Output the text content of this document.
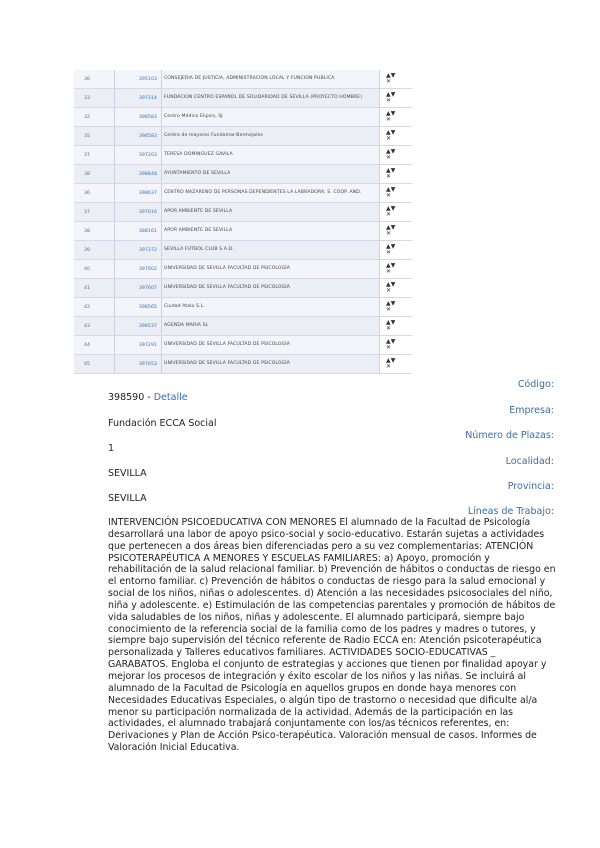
36	395103	CONSEJERIA DE JUSTICIA, ADMINISTRACION LOCAL Y FUNCION PUBLICA	▲▼
✕

33	397314	FUNDACION CENTRO ESPAÑOL DE SOLIDARIDAD DE SEVILLA (PROYECTO HOMBRE)	▲▼
✕

32	398583	Centro Médico Elipsis, SJ	▲▼
✕

35	398583	Centro de mayores Fundomar-Bermejales	▲▼
✕

37	397203	TERESA DOMINGUEZ GAVILA	▲▼
✕

38	398848	AYUNTAMIENTO DE SEVILLA	▲▼
✕

36	398637	CENTRO NAZARENO DE PERSONAS DEPENDIENTES LA LABRADORA, S. COOP. AND.	▲▼
✕

37	397016	APOR AMBIENTE DE SEVILLA	▲▼
✕

38	388161	APOR AMBIENTE DE SEVILLA	▲▼
✕

39	397372	SEVILLA FUTBOL CLUB S.A.D.	▲▼
✕

40	397602	UNIVERSIDAD DE SEVILLA FACULTAD DE PSICOLOGÍA	▲▼
✕

41	397607	UNIVERSIDAD DE SEVILLA FACULTAD DE PSICOLOGÍA	▲▼
✕

42	398565	Ciudad Atalo S.L.	▲▼
✕

43	398537	AGENDA MARIA SL	▲▼
✕

44	397291	UNIVERSIDAD DE SEVILLA FACULTAD DE PSICOLOGÍA	▲▼
✕

45	397653	UNIVERSIDAD DE SEVILLA FACULTAD DE PSICOLOGÍA	▲▼
✕
Código:
398590 - Detalle
Empresa:
Fundación ECCA Social
Número de Plazas:
1
Localidad:
SEVILLA
Provincia:
SEVILLA
Líneas de Trabajo:
INTERVENCIÓN PSICOEDUCATIVA CON MENORES El alumnado de la Facultad de Psicología desarrollará una labor de apoyo psico-social y socio-educativo. Estarán sujetas a actividades que pertenecen a dos áreas bien diferenciadas pero a su vez complementarias: ATENCIÓN PSICOTERAPÉUTICA A MENORES Y ESCUELAS FAMILIARES: a) Apoyo, promoción y rehabilitación de la salud relacional familiar. b) Prevención de hábitos o conductas de riesgo en el entorno familiar. c) Prevención de hábitos o conductas de riesgo para la salud emocional y social de los niños, niñas o adolescentes. d) Atención a las necesidades psicosociales del niño, niña y adolescente. e) Estimulación de las competencias parentales y promoción de hábitos de vida saludables de los niños, niñas y adolescente. El alumnado participará, siempre bajo conocimiento de la referencia social de la familia como de los padres y madres o tutores, y siempre bajo supervisión del técnico referente de Radio ECCA en: Atención psicoterapéutica personalizada y Talleres educativos familiares. ACTIVIDADES SOCIO-EDUCATIVAS _ GARABATOS. Engloba el conjunto de estrategias y acciones que tienen por finalidad apoyar y mejorar los procesos de integración y éxito escolar de los niños y las niñas. Se incluirá al alumnado de la Facultad de Psicología en aquellos grupos en donde haya menores con Necesidades Educativas Especiales, o algún tipo de trastorno o necesidad que dificulte al/a menor su participación normalizada de la actividad. Además de la participación en las actividades, el alumnado trabajará conjuntamente con los/as técnicos referentes, en: Derivaciones y Plan de Acción Psico-terapéutica. Valoración mensual de casos. Informes de Valoración Inicial Educativa.
